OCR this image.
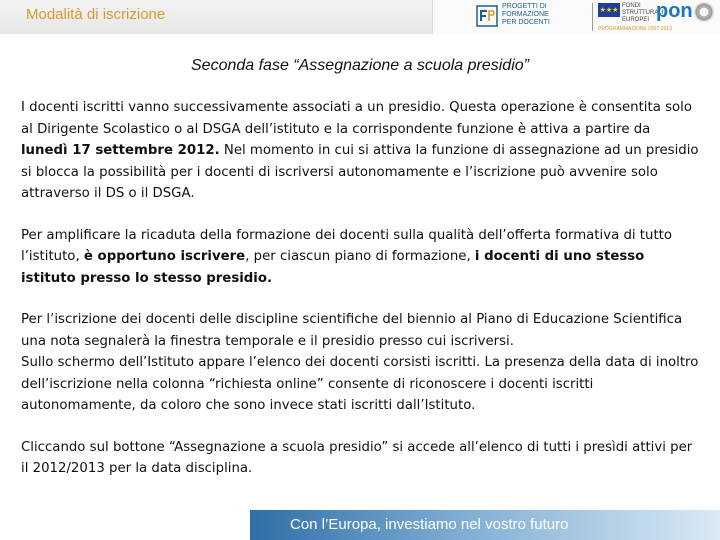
Modalità di iscrizione	PROGETTI DI
FORMAZIONE
PER DOCENTI
★★★ FONDI
STRUTTURALI
EUROPEI
PROGRAMMAZIONE 2007-2013
pon
Seconda fase “Assegnazione a scuola presidio”

I docenti iscritti vanno successivamente associati a un presidio. Questa operazione è consentita solo al Dirigente Scolastico o al DSGA dell’istituto e la corrispondente funzione è attiva a partire da lunedì 17 settembre 2012. Nel momento in cui si attiva la funzione di assegnazione ad un presidio si blocca la possibilità per i docenti di iscriversi autonomamente e l’iscrizione può avvenire solo attraverso il DS o il DSGA.

Per amplificare la ricaduta della formazione dei docenti sulla qualità dell’offerta formativa di tutto l’istituto, è opportuno iscrivere, per ciascun piano di formazione, i docenti di uno stesso istituto presso lo stesso presidio.

Per l’iscrizione dei docenti delle discipline scientifiche del biennio al Piano di Educazione Scientifica una nota segnalerà la finestra temporale e il presidio presso cui iscriversi.
Sullo schermo dell’Istituto appare l’elenco dei docenti corsisti iscritti. La presenza della data di inoltro dell’iscrizione nella colonna “richiesta online” consente di riconoscere i docenti iscritti autonomamente, da coloro che sono invece stati iscritti dall’Istituto.

Cliccando sul bottone “Assegnazione a scuola presidio” si accede all’elenco di tutti i presìdi attivi per il 2012/2013 per la data disciplina.

Con l’Europa, investiamo nel vostro futuro
